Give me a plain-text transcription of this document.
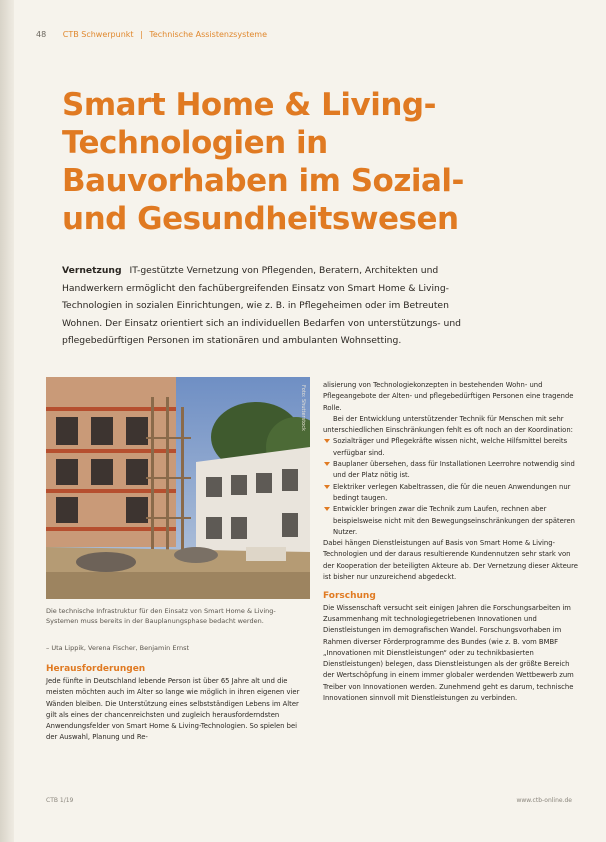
48 CTB Schwerpunkt | Technische Assistenzsysteme
Smart Home & Living-Technologien in Bauvorhaben im Sozial- und Gesundheitswesen

Vernetzung IT-gestützte Vernetzung von Pflegenden, Beratern, Architekten und Handwerkern ermöglicht den fachübergreifenden Einsatz von Smart Home & Living-Technologien in sozialen Einrichtungen, wie z. B. in Pflegeheimen oder im Betreuten Wohnen. Der Einsatz orientiert sich an individuellen Bedarfen von unterstützungs- und pflegebedürftigen Personen im stationären und ambulanten Wohnsetting.

Foto: Shutterstock

Die technische Infrastruktur für den Einsatz von Smart Home & Living-Systemen muss bereits in der Bauplanungsphase bedacht werden.

– Uta Lippik, Verena Fischer, Benjamin Ernst

Herausforderungen

Jede fünfte in Deutschland lebende Person ist über 65 Jahre alt und die meisten möchten auch im Alter so lange wie möglich in ihren eigenen vier Wänden bleiben. Die Unterstützung eines selbstständigen Lebens im Alter gilt als eines der chancenreichsten und zugleich herausforderndsten Anwendungsfelder von Smart Home & Living-Technologien. So spielen bei der Auswahl, Planung und Re-

alisierung von Technologiekonzepten in bestehenden Wohn- und Pflegeangebote der Alten- und pflegebedürftigen Personen eine tragende Rolle.

Bei der Entwicklung unterstützender Technik für Menschen mit sehr unterschiedlichen Einschränkungen fehlt es oft noch an der Koordination:

Sozialträger und Pflegekräfte wissen nicht, welche Hilfsmittel bereits verfügbar sind.
Bauplaner übersehen, dass für Installationen Leerrohre notwendig sind und der Platz nötig ist.
Elektriker verlegen Kabeltrassen, die für die neuen Anwendungen nur bedingt taugen.
Entwickler bringen zwar die Technik zum Laufen, rechnen aber beispielsweise nicht mit den Bewegungseinschränkungen der späteren Nutzer.

Dabei hängen Dienstleistungen auf Basis von Smart Home & Living-Technologien und der daraus resultierende Kundennutzen sehr stark von der Kooperation der beteiligten Akteure ab. Der Vernetzung dieser Akteure ist bisher nur unzureichend abgedeckt.

Forschung

Die Wissenschaft versucht seit einigen Jahren die Forschungsarbeiten im Zusammenhang mit technologiegetriebenen Innovationen und Dienstleistungen im demografischen Wandel. Forschungsvorhaben im Rahmen diverser Förderprogramme des Bundes (wie z. B. vom BMBF „Innovationen mit Dienstleistungen“ oder zu technikbasierten Dienstleistungen) belegen, dass Dienstleistungen als der größte Bereich der Wertschöpfung in einem immer globaler werdenden Wettbewerb zum Treiber von Innovationen werden. Zunehmend geht es darum, technische Innovationen sinnvoll mit Dienstleistungen zu verbinden.

CTB 1/19	www.ctb-online.de
